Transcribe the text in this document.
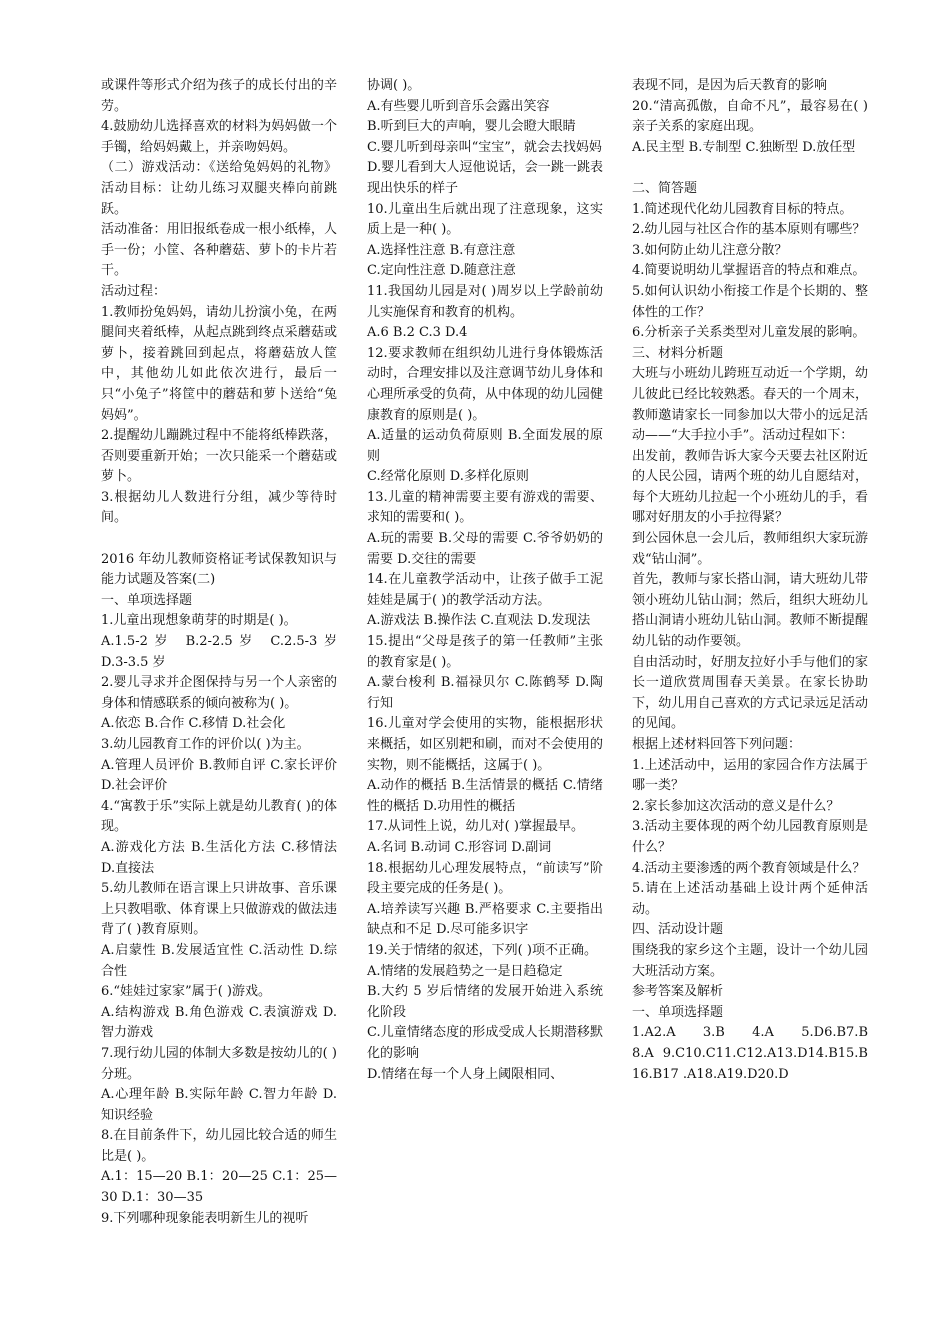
或课件等形式介绍为孩子的成长付出的辛劳。

4.鼓励幼儿选择喜欢的材料为妈妈做一个手镯，给妈妈戴上，并亲吻妈妈。

（二）游戏活动：《送给兔妈妈的礼物》活动目标：让幼儿练习双腿夹棒向前跳跃。

活动准备：用旧报纸卷成一根小纸棒，人手一份；小筐、各种蘑菇、萝卜的卡片若干。

活动过程：

1.教师扮兔妈妈，请幼儿扮演小兔，在两腿间夹着纸棒，从起点跳到终点采蘑菇或萝卜，接着跳回到起点，将蘑菇放人筐中，其他幼儿如此依次进行，最后一只“小兔子”将筐中的蘑菇和萝卜送给“兔妈妈”。

2.提醒幼儿蹦跳过程中不能将纸棒跌落，否则要重新开始；一次只能采一个蘑菇或萝卜。

3.根据幼儿人数进行分组，减少等待时间。

2016 年幼儿教师资格证考试保教知识与能力试题及答案(二)

一、单项选择题

1.儿童出现想象萌芽的时期是( )。

A.1.5-2 岁　B.2-2.5 岁　C.2.5-3 岁 D.3-3.5 岁

2.婴儿寻求并企图保持与另一个人亲密的身体和情感联系的倾向被称为( )。

A.依恋 B.合作 C.移情 D.社会化

3.幼儿园教育工作的评价以( )为主。

A.管理人员评价 B.教师自评 C.家长评价 D.社会评价

4.“寓教于乐”实际上就是幼儿教育( )的体现。

A.游戏化方法 B.生活化方法 C.移情法 D.直接法

5.幼儿教师在语言课上只讲故事、音乐课上只教唱歌、体育课上只做游戏的做法违背了( )教育原则。

A.启蒙性 B.发展适宜性 C.活动性 D.综合性

6.“娃娃过家家”属于( )游戏。

A.结构游戏 B.角色游戏 C.表演游戏 D.智力游戏

7.现行幼儿园的体制大多数是按幼儿的( )分班。

A.心理年龄 B.实际年龄 C.智力年龄 D.知识经验

8.在目前条件下，幼儿园比较合适的师生比是( )。

A.1：15—20 B.1：20—25 C.1：25—30 D.1：30—35

9.下列哪种现象能表明新生儿的视听

协调( )。

A.有些婴儿听到音乐会露出笑容

B.听到巨大的声响，婴儿会瞪大眼睛

C.婴儿听到母亲叫“宝宝”，就会去找妈妈

D.婴儿看到大人逗他说话，会一跳一跳表现出快乐的样子

10.儿童出生后就出现了注意现象，这实质上是一种( )。

A.选择性注意 B.有意注意

C.定向性注意 D.随意注意

11.我国幼儿园是对( )周岁以上学龄前幼儿实施保育和教育的机构。

A.6 B.2 C.3 D.4

12.要求教师在组织幼儿进行身体锻炼活动时，合理安排以及注意调节幼儿身体和心理所承受的负荷，从中体现的幼儿园健康教育的原则是( )。

A.适量的运动负荷原则 B.全面发展的原则

C.经常化原则 D.多样化原则

13.儿童的精神需要主要有游戏的需要、求知的需要和( )。

A.玩的需要 B.父母的需要 C.爷爷奶奶的需要 D.交往的需要

14.在儿童教学活动中，让孩子做手工泥娃娃是属于( )的教学活动方法。

A.游戏法 B.操作法 C.直观法 D.发现法

15.提出“父母是孩子的第一任教师”主张的教育家是( )。

A.蒙台梭利 B.福禄贝尔 C.陈鹤琴 D.陶行知

16.儿童对学会使用的实物，能根据形状来概括，如区别耙和刷，而对不会使用的实物，则不能概括，这属于( )。

A.动作的概括 B.生活情景的概括 C.情绪性的概括 D.功用性的概括

17.从词性上说，幼儿对( )掌握最早。

A.名词 B.动词 C.形容词 D.副词

18.根据幼儿心理发展特点，“前读写”阶段主要完成的任务是( )。

A.培养读写兴趣 B.严格要求 C.主要指出缺点和不足 D.尽可能多识字

19.关于情绪的叙述，下列( )项不正确。

A.情绪的发展趋势之一是日趋稳定

B.大约 5 岁后情绪的发展开始进入系统化阶段

C.儿童情绪态度的形成受成人长期潜移默化的影响

D.情绪在每一个人身上阈限相同、

表现不同，是因为后天教育的影响

20.“清高孤傲，自命不凡”，最容易在( )亲子关系的家庭出现。

A.民主型 B.专制型 C.独断型 D.放任型

二、简答题

1.简述现代化幼儿园教育目标的特点。

2.幼儿园与社区合作的基本原则有哪些？

3.如何防止幼儿注意分散？

4.简要说明幼儿掌握语音的特点和难点。

5.如何认识幼小衔接工作是个长期的、整体性的工作？

6.分析亲子关系类型对儿童发展的影响。

三、材料分析题

大班与小班幼儿跨班互动近一个学期，幼儿彼此已经比较熟悉。春天的一个周末，教师邀请家长一同参加以大带小的远足活动——“大手拉小手”。活动过程如下：

出发前，教师告诉大家今天要去社区附近的人民公园，请两个班的幼儿自愿结对，每个大班幼儿拉起一个小班幼儿的手，看哪对好朋友的小手拉得紧？

到公园休息一会儿后，教师组织大家玩游戏“钻山洞”。

首先，教师与家长搭山洞，请大班幼儿带领小班幼儿钻山洞；然后，组织大班幼儿搭山洞请小班幼儿钻山洞。教师不断提醒幼儿钻的动作要领。

自由活动时，好朋友拉好小手与他们的家长一道欣赏周围春天美景。在家长协助下，幼儿用自己喜欢的方式记录远足活动的见闻。

根据上述材料回答下列问题：

1.上述活动中，运用的家园合作方法属于哪一类？

2.家长参加这次活动的意义是什么？

3.活动主要体现的两个幼儿园教育原则是什么？

4.活动主要渗透的两个教育领域是什么？

5.请在上述活动基础上设计两个延伸活动。

四、活动设计题

围绕我的家乡这个主题，设计一个幼儿园大班活动方案。

参考答案及解析

一、单项选择题

1.A2.A　　3.B　　4.A　　5.D6.B7.B8.A 9.C10.C11.C12.A13.D14.B15.B16.B17 .A18.A19.D20.D
